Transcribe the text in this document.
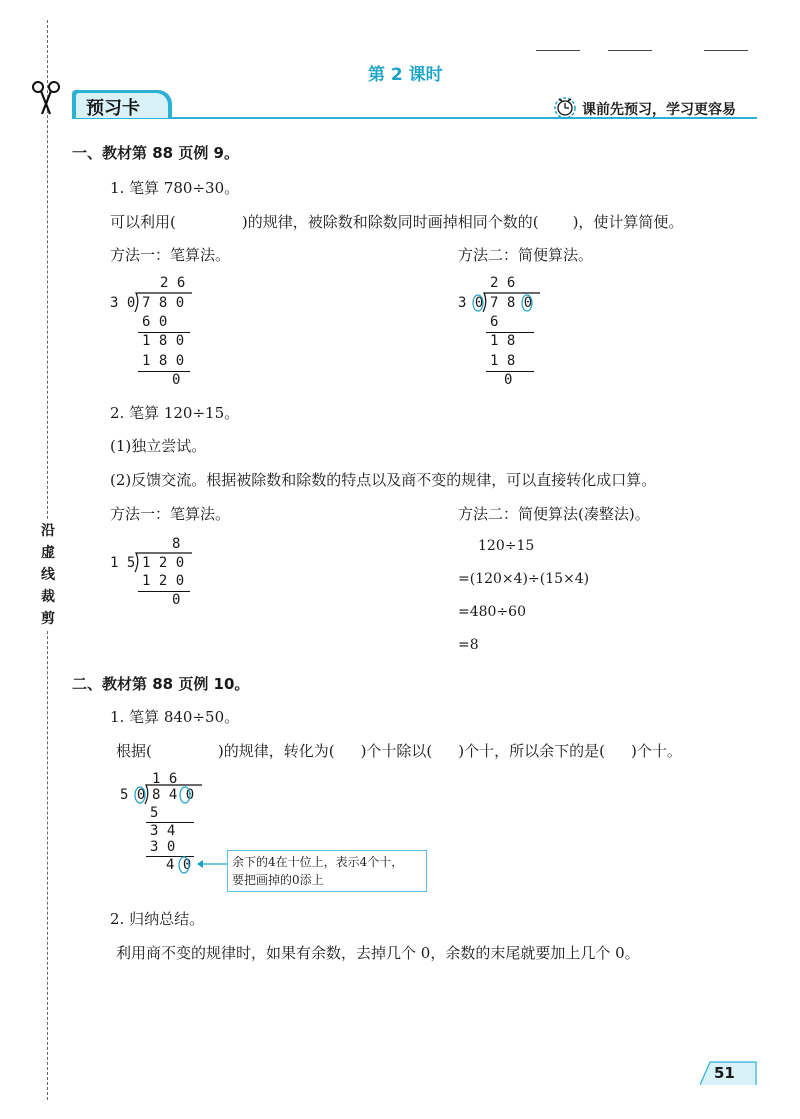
沿
虚
线
裁
剪
第 2 课时
预习卡	课前先预习，学习更容易
一、教材第 88 页例 9。
1. 笔算 780÷30。
可以利用(	)的规律，被除数和除数同时画掉相同个数的( )，使计算简便。
方法一：笔算法。	方法二：简便算法。
2 6
3 0 7 8 0
6 0
1 8 0
1 8 0
0
2 6
3 0 7 8 0
6
1 8
1 8
0
2. 笔算 120÷15。
(1)独立尝试。
(2)反馈交流。根据被除数和除数的特点以及商不变的规律，可以直接转化成口算。
方法一：笔算法。	方法二：简便算法(凑整法)。
8
1 5 1 2 0
1 2 0
0
120÷15
=(120×4)÷(15×4)
=480÷60
=8
二、教材第 88 页例 10。
1. 笔算 840÷50。
根据(	)的规律，转化为( )个十除以( )个十，所以余下的是( )个十。
1 6
5 0 8 4 0
5
3 4
3 0
4 0	余下的4在十位上，表示4个十，
要把画掉的0添上
2. 归纳总结。
利用商不变的规律时，如果有余数，去掉几个 0，余数的末尾就要加上几个 0。
51
